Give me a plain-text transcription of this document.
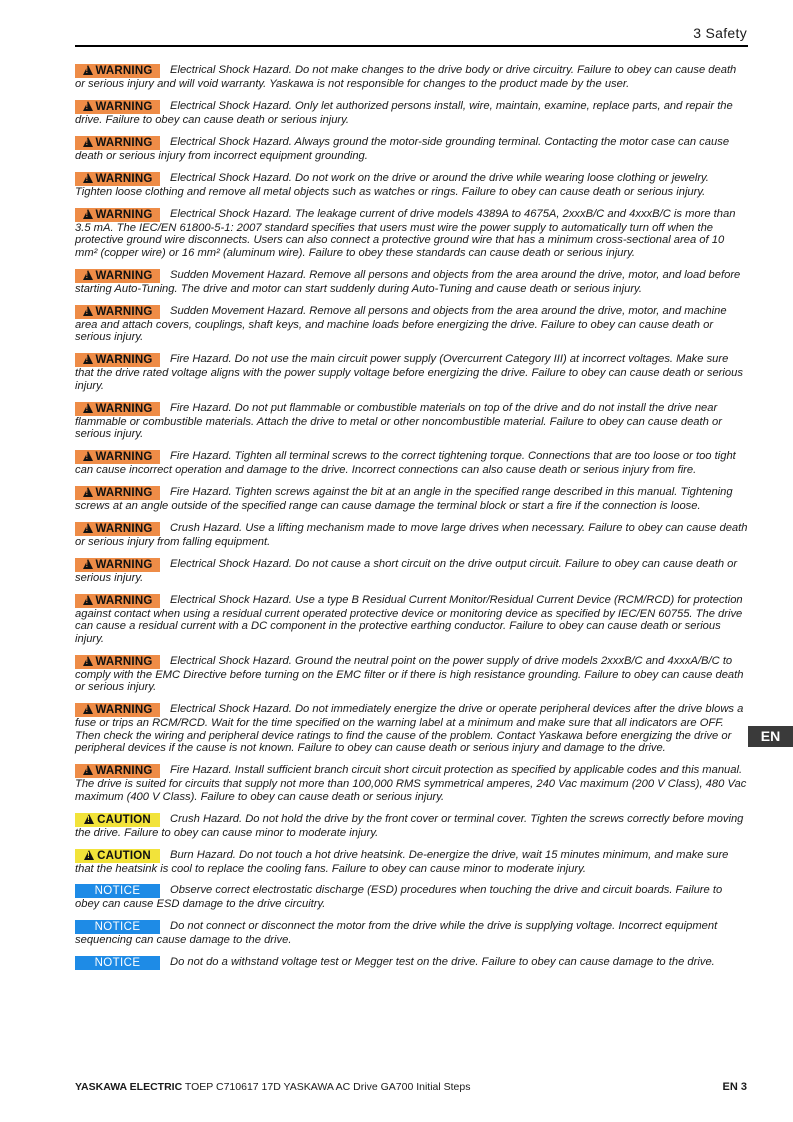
3 Safety
!WARNING Electrical Shock Hazard. Do not make changes to the drive body or drive circuitry. Failure to obey can cause death or serious injury and will void warranty. Yaskawa is not responsible for changes to the product made by the user.
!WARNING Electrical Shock Hazard. Only let authorized persons install, wire, maintain, examine, replace parts, and repair the drive. Failure to obey can cause death or serious injury.
!WARNING Electrical Shock Hazard. Always ground the motor-side grounding terminal. Contacting the motor case can cause death or serious injury from incorrect equipment grounding.
!WARNING Electrical Shock Hazard. Do not work on the drive or around the drive while wearing loose clothing or jewelry. Tighten loose clothing and remove all metal objects such as watches or rings. Failure to obey can cause death or serious injury.
!WARNING Electrical Shock Hazard. The leakage current of drive models 4389A to 4675A, 2xxxB/C and 4xxxB/C is more than 3.5 mA. The IEC/EN 61800-5-1: 2007 standard specifies that users must wire the power supply to automatically turn off when the protective ground wire disconnects. Users can also connect a protective ground wire that has a minimum cross-sectional area of 10 mm² (copper wire) or 16 mm² (aluminum wire). Failure to obey these standards can cause death or serious injury.
!WARNING Sudden Movement Hazard. Remove all persons and objects from the area around the drive, motor, and load before starting Auto-Tuning. The drive and motor can start suddenly during Auto-Tuning and cause death or serious injury.
!WARNING Sudden Movement Hazard. Remove all persons and objects from the area around the drive, motor, and machine area and attach covers, couplings, shaft keys, and machine loads before energizing the drive. Failure to obey can cause death or serious injury.
!WARNING Fire Hazard. Do not use the main circuit power supply (Overcurrent Category III) at incorrect voltages. Make sure that the drive rated voltage aligns with the power supply voltage before energizing the drive. Failure to obey can cause death or serious injury.
!WARNING Fire Hazard. Do not put flammable or combustible materials on top of the drive and do not install the drive near flammable or combustible materials. Attach the drive to metal or other noncombustible material. Failure to obey can cause death or serious injury.
!WARNING Fire Hazard. Tighten all terminal screws to the correct tightening torque. Connections that are too loose or too tight can cause incorrect operation and damage to the drive. Incorrect connections can also cause death or serious injury from fire.
!WARNING Fire Hazard. Tighten screws against the bit at an angle in the specified range described in this manual. Tightening screws at an angle outside of the specified range can cause damage the terminal block or start a fire if the connection is loose.
!WARNING Crush Hazard. Use a lifting mechanism made to move large drives when necessary. Failure to obey can cause death or serious injury from falling equipment.
!WARNING Electrical Shock Hazard. Do not cause a short circuit on the drive output circuit. Failure to obey can cause death or serious injury.
!WARNING Electrical Shock Hazard. Use a type B Residual Current Monitor/Residual Current Device (RCM/RCD) for protection against contact when using a residual current operated protective device or monitoring device as specified by IEC/EN 60755. The drive can cause a residual current with a DC component in the protective earthing conductor. Failure to obey can cause death or serious injury.
!WARNING Electrical Shock Hazard. Ground the neutral point on the power supply of drive models 2xxxB/C and 4xxxA/B/C to comply with the EMC Directive before turning on the EMC filter or if there is high resistance grounding. Failure to obey can cause death or serious injury.
!WARNING Electrical Shock Hazard. Do not immediately energize the drive or operate peripheral devices after the drive blows a fuse or trips an RCM/RCD. Wait for the time specified on the warning label at a minimum and make sure that all indicators are OFF. Then check the wiring and peripheral device ratings to find the cause of the problem. Contact Yaskawa before energizing the drive or peripheral devices if the cause is not known. Failure to obey can cause death or serious injury and damage to the drive.
!WARNING Fire Hazard. Install sufficient branch circuit short circuit protection as specified by applicable codes and this manual. The drive is suited for circuits that supply not more than 100,000 RMS symmetrical amperes, 240 Vac maximum (200 V Class), 480 Vac maximum (400 V Class). Failure to obey can cause death or serious injury.
!CAUTION Crush Hazard. Do not hold the drive by the front cover or terminal cover. Tighten the screws correctly before moving the drive. Failure to obey can cause minor to moderate injury.
!CAUTION Burn Hazard. Do not touch a hot drive heatsink. De-energize the drive, wait 15 minutes minimum, and make sure that the heatsink is cool to replace the cooling fans. Failure to obey can cause minor to moderate injury.
NOTICE	Observe correct electrostatic discharge (ESD) procedures when touching the drive and circuit boards. Failure to obey can cause ESD damage to the drive circuitry.
NOTICE	Do not connect or disconnect the motor from the drive while the drive is supplying voltage. Incorrect equipment sequencing can cause damage to the drive.
NOTICE	Do not do a withstand voltage test or Megger test on the drive. Failure to obey can cause damage to the drive.
EN
YASKAWA ELECTRIC TOEP C710617 17D YASKAWA AC Drive GA700 Initial Steps	EN 3
